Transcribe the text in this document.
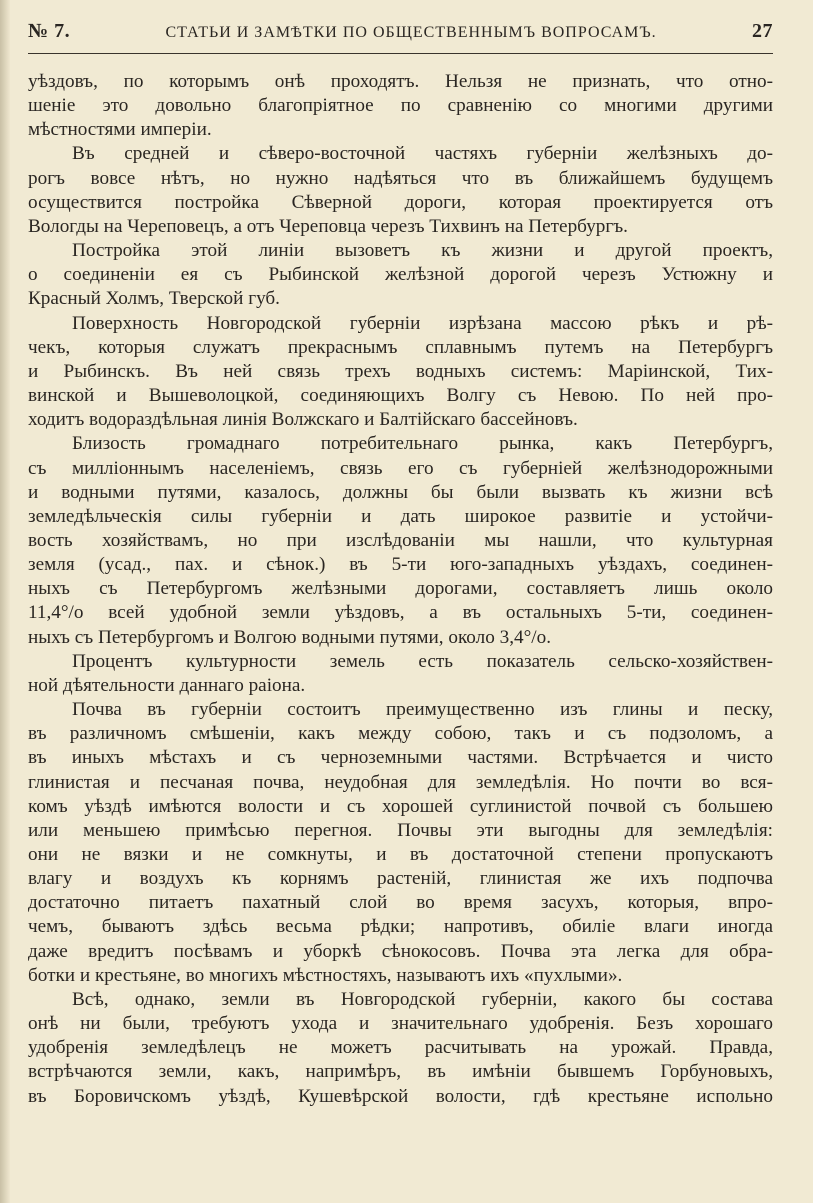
№ 7.	СТАТЬИ И ЗАМѢТКИ ПО ОБЩЕСТВЕННЫМЪ ВОПРОСАМЪ.	27
уѣздовъ, по которымъ онѣ проходятъ. Нельзя не признать, что отно-
шеніе это довольно благопріятное по сравненію со многими другими
мѣстностями имперіи.
Въ средней и сѣверо-восточной частяхъ губерніи желѣзныхъ до-
рогъ вовсе нѣтъ, но нужно надѣяться что въ ближайшемъ будущемъ
осуществится постройка Сѣверной дороги, которая проектируется отъ
Вологды на Череповецъ, а отъ Череповца черезъ Тихвинъ на Петербургъ.
Постройка этой линіи вызоветъ къ жизни и другой проектъ,
о соединеніи ея съ Рыбинской желѣзной дорогой черезъ Устюжну и
Красный Холмъ, Тверской губ.
Поверхность Новгородской губерніи изрѣзана массою рѣкъ и рѣ-
чекъ, которыя служатъ прекраснымъ сплавнымъ путемъ на Петербургъ
и Рыбинскъ. Въ ней связь трехъ водныхъ системъ: Маріинской, Тих-
винской и Вышеволоцкой, соединяющихъ Волгу съ Невою. По ней про-
ходитъ водораздѣльная линія Волжскаго и Балтійскаго бассейновъ.
Близость громаднаго потребительнаго рынка, какъ Петербургъ,
съ милліоннымъ населеніемъ, связь его съ губерніей желѣзнодорожными
и водными путями, казалось, должны бы были вызвать къ жизни всѣ
земледѣльческія силы губерніи и дать широкое развитіе и устойчи-
вость хозяйствамъ, но при изслѣдованіи мы нашли, что культурная
земля (усад., пах. и сѣнок.) въ 5-ти юго-западныхъ уѣздахъ, соединен-
ныхъ съ Петербургомъ желѣзными дорогами, составляетъ лишь около
11,4°/о всей удобной земли уѣздовъ, а въ остальныхъ 5-ти, соединен-
ныхъ съ Петербургомъ и Волгою водными путями, около 3,4°/о.
Процентъ культурности земель есть показатель сельско-хозяйствен-
ной дѣятельности даннаго раіона.
Почва въ губерніи состоитъ преимущественно изъ глины и песку,
въ различномъ смѣшеніи, какъ между собою, такъ и съ подзоломъ, а
въ иныхъ мѣстахъ и съ черноземными частями. Встрѣчается и чисто
глинистая и песчаная почва, неудобная для земледѣлія. Но почти во вся-
комъ уѣздѣ имѣются волости и съ хорошей суглинистой почвой съ большею
или меньшею примѣсью перегноя. Почвы эти выгодны для земледѣлія:
они не вязки и не сомкнуты, и въ достаточной степени пропускаютъ
влагу и воздухъ къ корнямъ растеній, глинистая же ихъ подпочва
достаточно питаетъ пахатный слой во время засухъ, которыя, впро-
чемъ, бываютъ здѣсь весьма рѣдки; напротивъ, обиліе влаги иногда
даже вредитъ посѣвамъ и уборкѣ сѣнокосовъ. Почва эта легка для обра-
ботки и крестьяне, во многихъ мѣстностяхъ, называютъ ихъ «пухлыми».
Всѣ, однако, земли въ Новгородской губерніи, какого бы состава
онѣ ни были, требуютъ ухода и значительнаго удобренія. Безъ хорошаго
удобренія земледѣлецъ не можетъ расчитывать на урожай. Правда,
встрѣчаются земли, какъ, напримѣръ, въ имѣніи бывшемъ Горбуновыхъ,
въ Боровичскомъ уѣздѣ, Кушевѣрской волости, гдѣ крестьяне испольно
